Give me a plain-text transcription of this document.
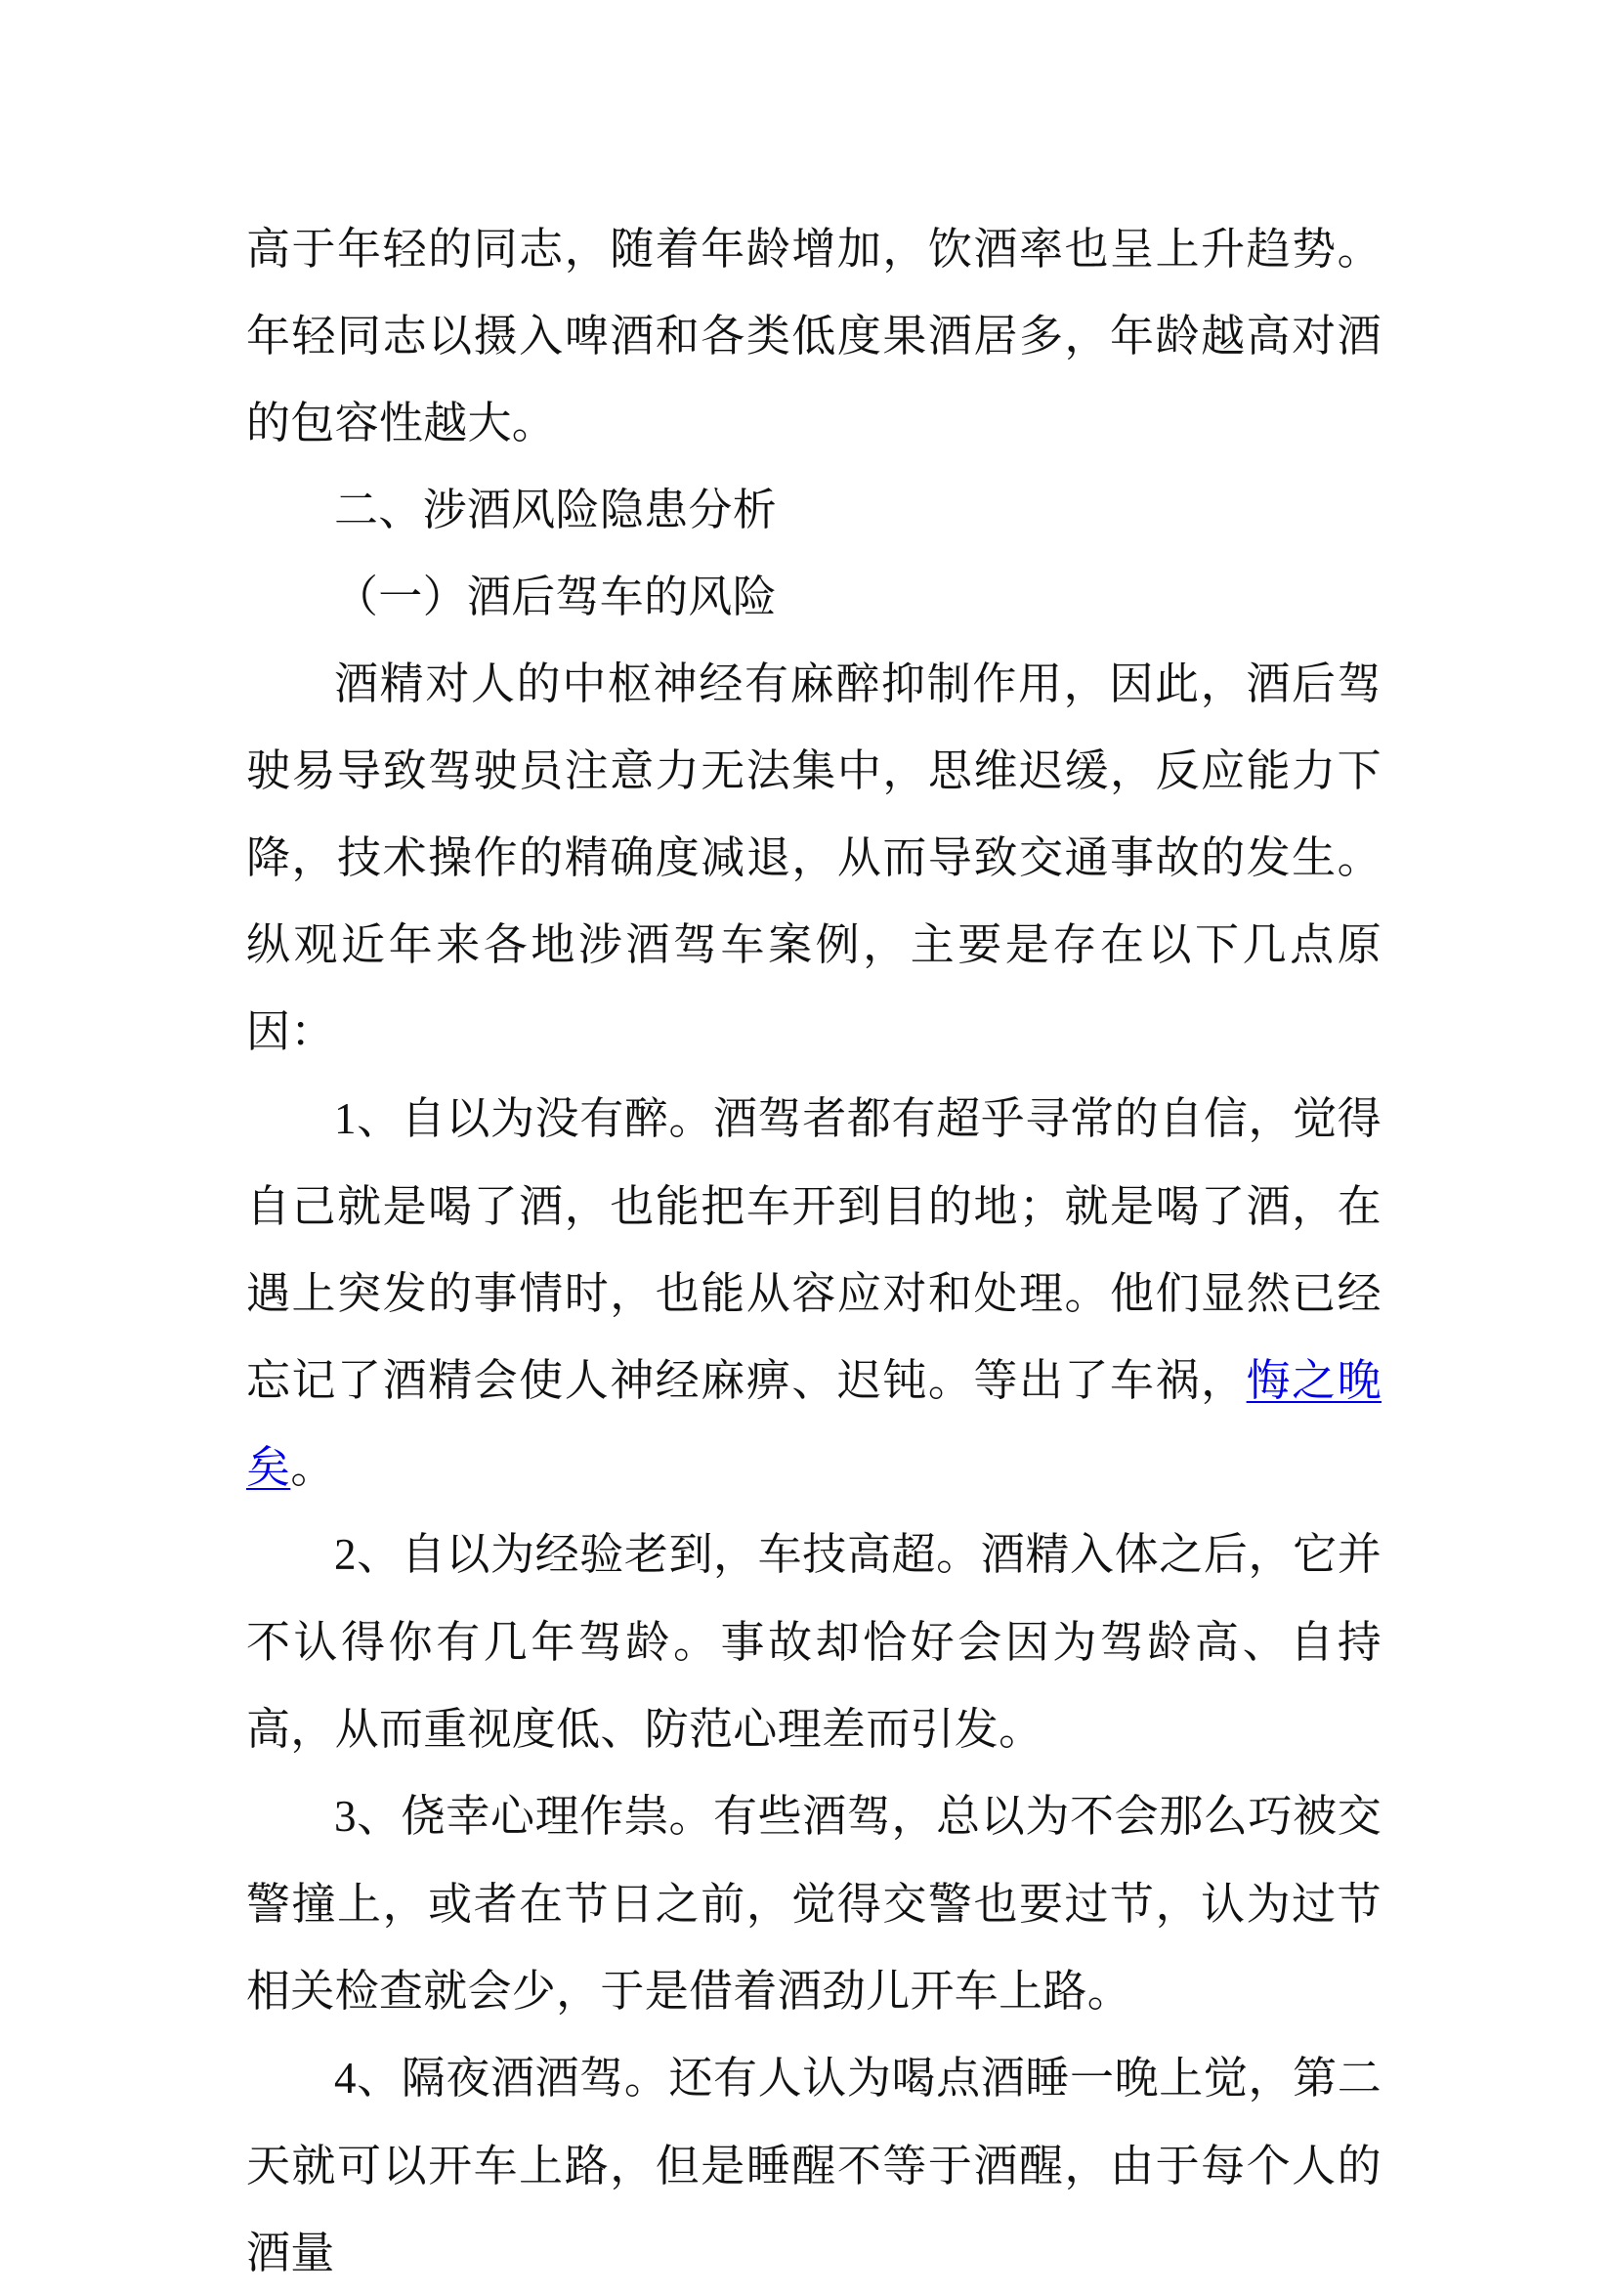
高于年轻的同志，随着年龄增加，饮酒率也呈上升趋势。年轻同志以摄入啤酒和各类低度果酒居多，年龄越高对酒的包容性越大。

二、涉酒风险隐患分析

（一）酒后驾车的风险

酒精对人的中枢神经有麻醉抑制作用，因此，酒后驾驶易导致驾驶员注意力无法集中，思维迟缓，反应能力下降，技术操作的精确度减退，从而导致交通事故的发生。纵观近年来各地涉酒驾车案例，主要是存在以下几点原因：

1、自以为没有醉。酒驾者都有超乎寻常的自信，觉得自己就是喝了酒，也能把车开到目的地；就是喝了酒，在遇上突发的事情时，也能从容应对和处理。他们显然已经忘记了酒精会使人神经麻痹、迟钝。等出了车祸，悔之晚矣。

2、自以为经验老到，车技高超。酒精入体之后，它并不认得你有几年驾龄。事故却恰好会因为驾龄高、自持高，从而重视度低、防范心理差而引发。

3、侥幸心理作祟。有些酒驾，总以为不会那么巧被交警撞上，或者在节日之前，觉得交警也要过节，认为过节相关检查就会少，于是借着酒劲儿开车上路。

4、隔夜酒酒驾。还有人认为喝点酒睡一晚上觉，第二天就可以开车上路，但是睡醒不等于酒醒，由于每个人的酒量
